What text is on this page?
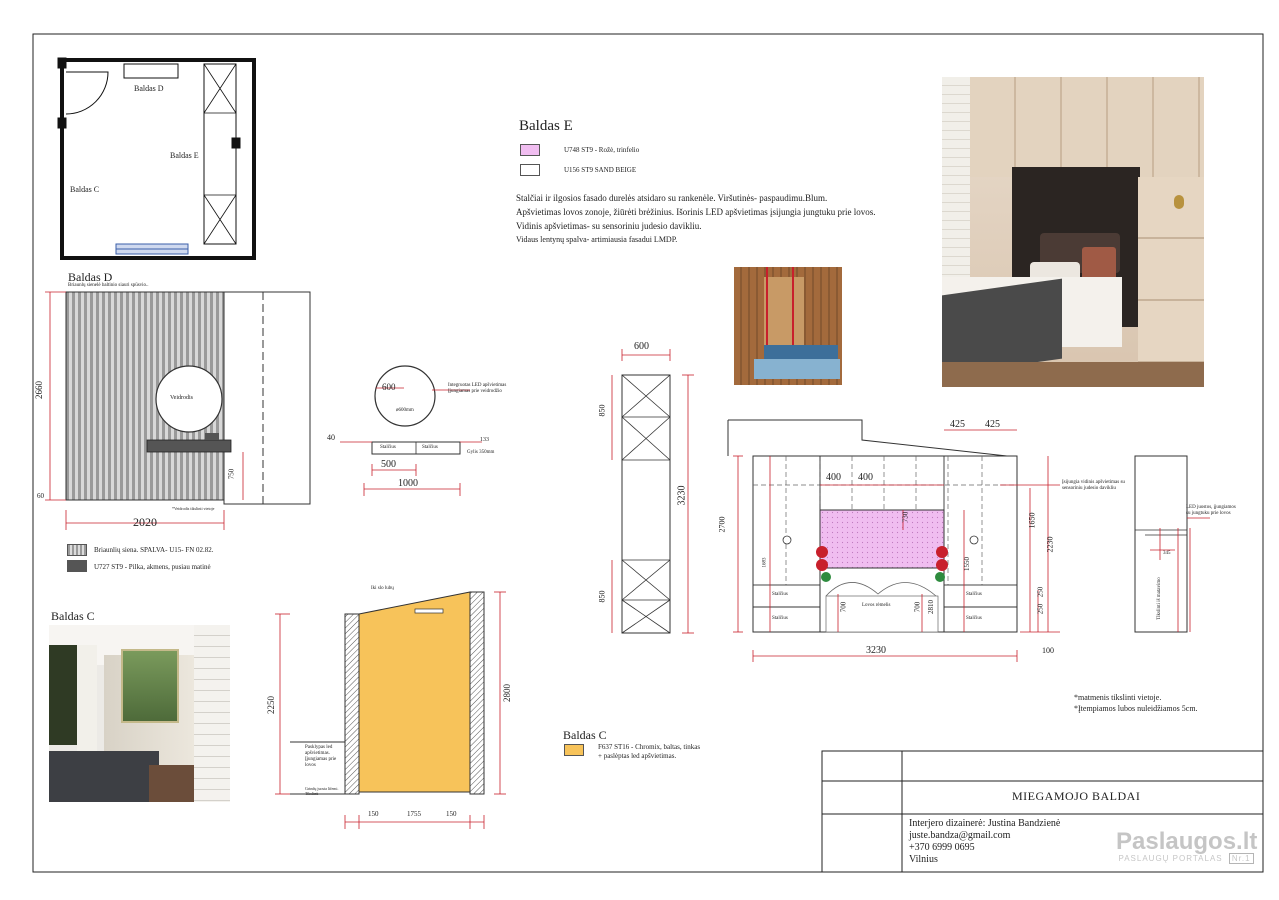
Baldas D
Baldas E
Baldas C
Baldas E
U748 ST9 - Rožė, trinfelio
U156 ST9 SAND BEIGE
Stalčiai ir ilgosios fasado durelės atsidaro su rankenėle. Viršutinės- paspaudimu.Blum.
Apšvietimas lovos zonoje, žiūrėti brėžinius. Išorinis LED apšvietimas įsijungia jungtuku prie lovos.
Vidinis apšvietimas- su sensoriniu judesio davikliu.
Vidaus lentynų spalva- artimiausia fasadui LMDP.
Baldas D
Briaunlų sienelė baltinio siauri spūsvio..
Veidrodis
2660
2020
60
750
*Veidrodis tikslinti vietoje
Briaunlių siena. SPALVA- U15- FN 02.82.
U727 ST9 - Pilka, akmens, pusiau matinė
600
ø600mm
Integruotas LED apšvietimas
Įjungiamas prie veidrodžio
Stalčius	Stalčius
Gylis 350mm
40	133
500
1000
600
850
3230
850
425 425
400 400
2700	1650
2230
730
1550
250
250
700	700 2810
1683
3230	100
Stalčius
Stalčius
Stalčius
Stalčius
Lovos rėmelis
Įsijungia vidinis apšvietimas su sensoriniu judesio davikliu
LED juostos, įjungiamos su jungtuku prie lovos
Tikslinti iš matavimo
345
Baldas C
Baldas C
F637 ST16 - Chromix, baltas, tinkas
+ paslėptas led apšvietimas.
Iki slo lubų
Pasklypas led apšvietimas. Įjungiamas prie lovos
Grindų juosta lifemi. Tikslinti
2250
2800
150	1755	150
*matmenis tikslinti vietoje.
*Įtempiamos lubos nuleidžiamos 5cm.
MIEGAMOJO BALDAI
Interjero dizainerė: Justina Bandzienė
juste.bandza@gmail.com
+370 6999 0695
Vilnius
Paslaugos.lt
PASLAUGŲ PORTALAS Nr.1
